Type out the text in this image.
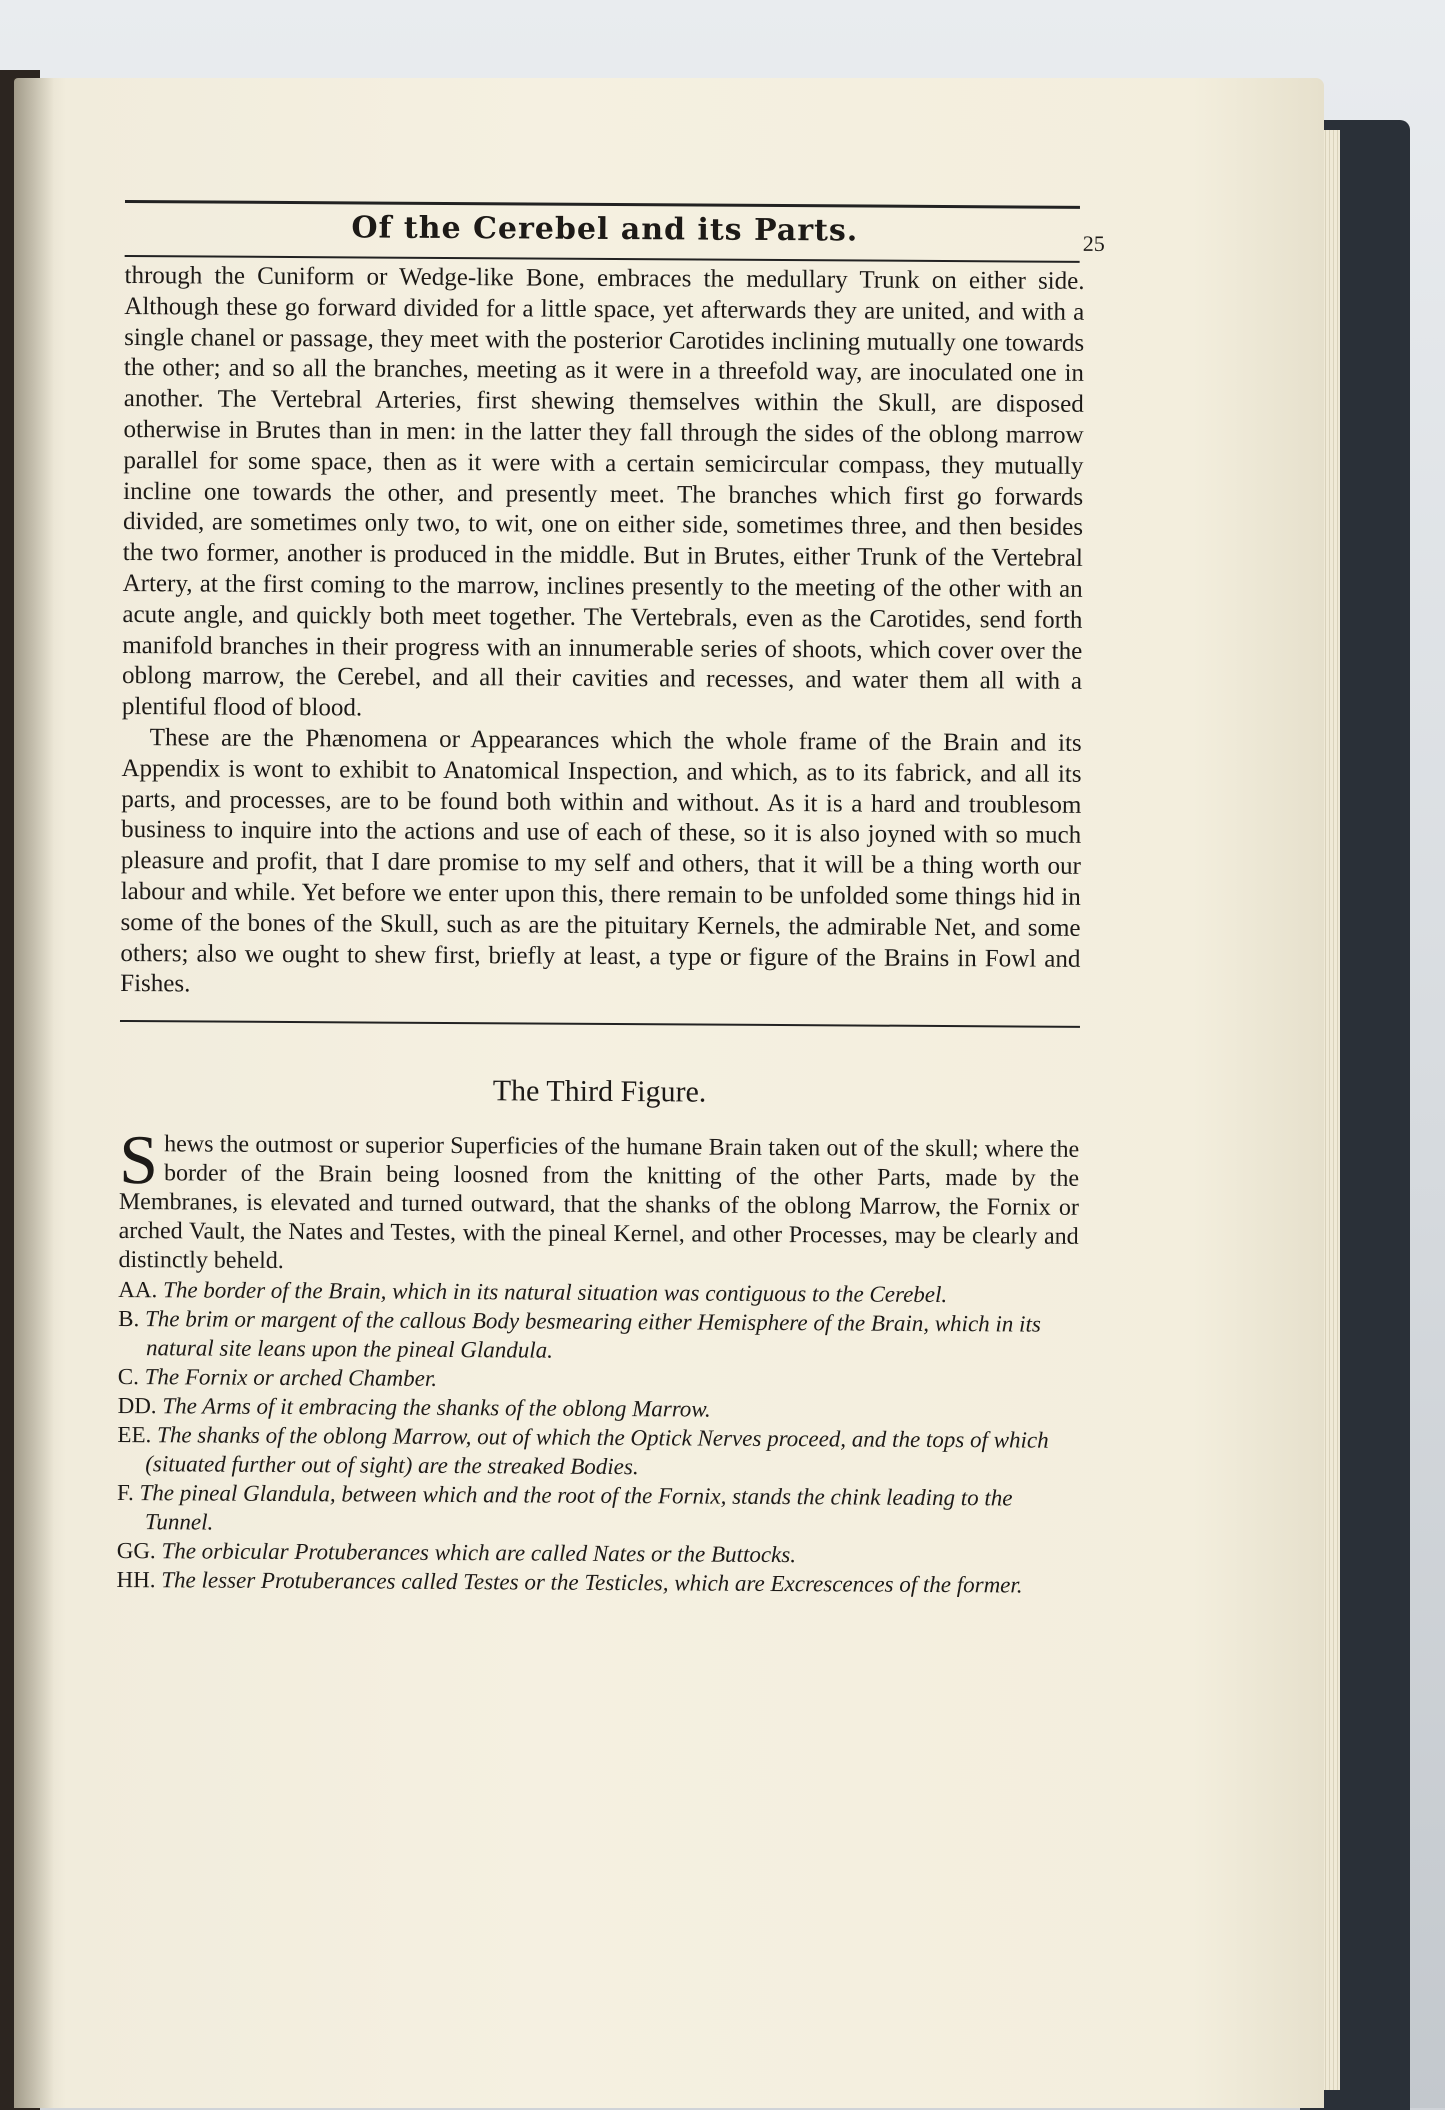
Of the Cerebel and its Parts.	25

through the Cuniform or Wedge-like Bone, embraces the medullary Trunk on either side. Although these go forward divided for a little space, yet afterwards they are united, and with a single chanel or passage, they meet with the posterior Carotides inclining mutually one towards the other; and so all the branches, meeting as it were in a threefold way, are inoculated one in another. The Vertebral Arteries, first shewing themselves within the Skull, are disposed otherwise in Brutes than in men: in the latter they fall through the sides of the oblong marrow parallel for some space, then as it were with a certain semicircular compass, they mutually incline one towards the other, and presently meet. The branches which first go forwards divided, are sometimes only two, to wit, one on either side, sometimes three, and then besides the two former, another is produced in the middle. But in Brutes, either Trunk of the Vertebral Artery, at the first coming to the marrow, inclines presently to the meeting of the other with an acute angle, and quickly both meet together. The Vertebrals, even as the Carotides, send forth manifold branches in their progress with an innumerable series of shoots, which cover over the oblong marrow, the Cerebel, and all their cavities and recesses, and water them all with a plentiful flood of blood.

These are the Phænomena or Appearances which the whole frame of the Brain and its Appendix is wont to exhibit to Anatomical Inspection, and which, as to its fabrick, and all its parts, and processes, are to be found both within and without. As it is a hard and troublesom business to inquire into the actions and use of each of these, so it is also joyned with so much pleasure and profit, that I dare promise to my self and others, that it will be a thing worth our labour and while. Yet before we enter upon this, there remain to be unfolded some things hid in some of the bones of the Skull, such as are the pituitary Kernels, the admirable Net, and some others; also we ought to shew first, briefly at least, a type or figure of the Brains in Fowl and Fishes.

The Third Figure.

Shews the outmost or superior Superficies of the humane Brain taken out of the skull; where the border of the Brain being loosned from the knitting of the other Parts, made by the Membranes, is elevated and turned outward, that the shanks of the oblong Marrow, the Fornix or arched Vault, the Nates and Testes, with the pineal Kernel, and other Processes, may be clearly and distinctly beheld.

AA. The border of the Brain, which in its natural situation was contiguous to the Cerebel.
B. The brim or margent of the callous Body besmearing either Hemisphere of the Brain, which in its natural site leans upon the pineal Glandula.
C. The Fornix or arched Chamber.
DD. The Arms of it embracing the shanks of the oblong Marrow.
EE. The shanks of the oblong Marrow, out of which the Optick Nerves proceed, and the tops of which (situated further out of sight) are the streaked Bodies.
F. The pineal Glandula, between which and the root of the Fornix, stands the chink leading to the Tunnel.
GG. The orbicular Protuberances which are called Nates or the Buttocks.
HH. The lesser Protuberances called Testes or the Testicles, which are Excrescences of the former.
